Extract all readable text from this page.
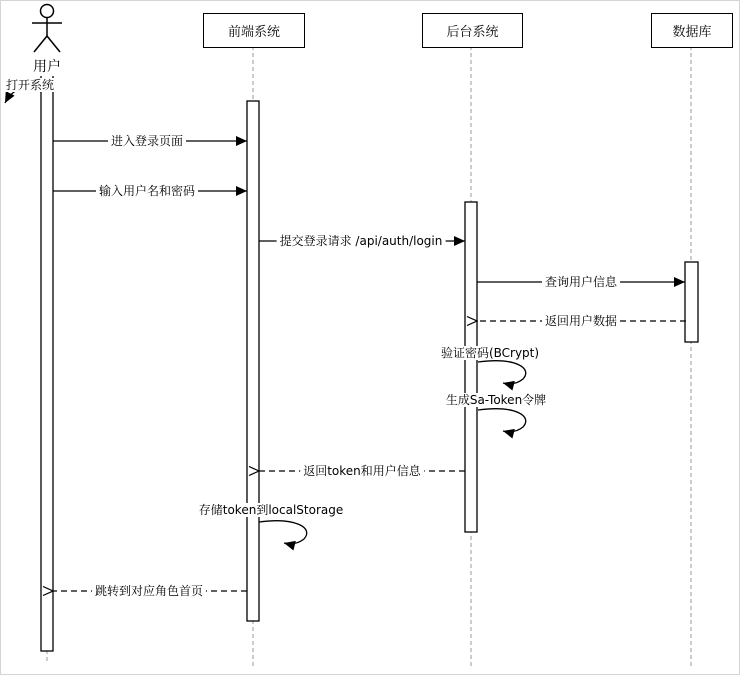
用户
前端系统	后台系统	数据库
打开系统
进入登录页面
输入用户名和密码
提交登录请求 /api/auth/login
查询用户信息
返回用户数据
验证密码(BCrypt)
生成Sa-Token令牌
返回token和用户信息
存储token到localStorage
跳转到对应角色首页
